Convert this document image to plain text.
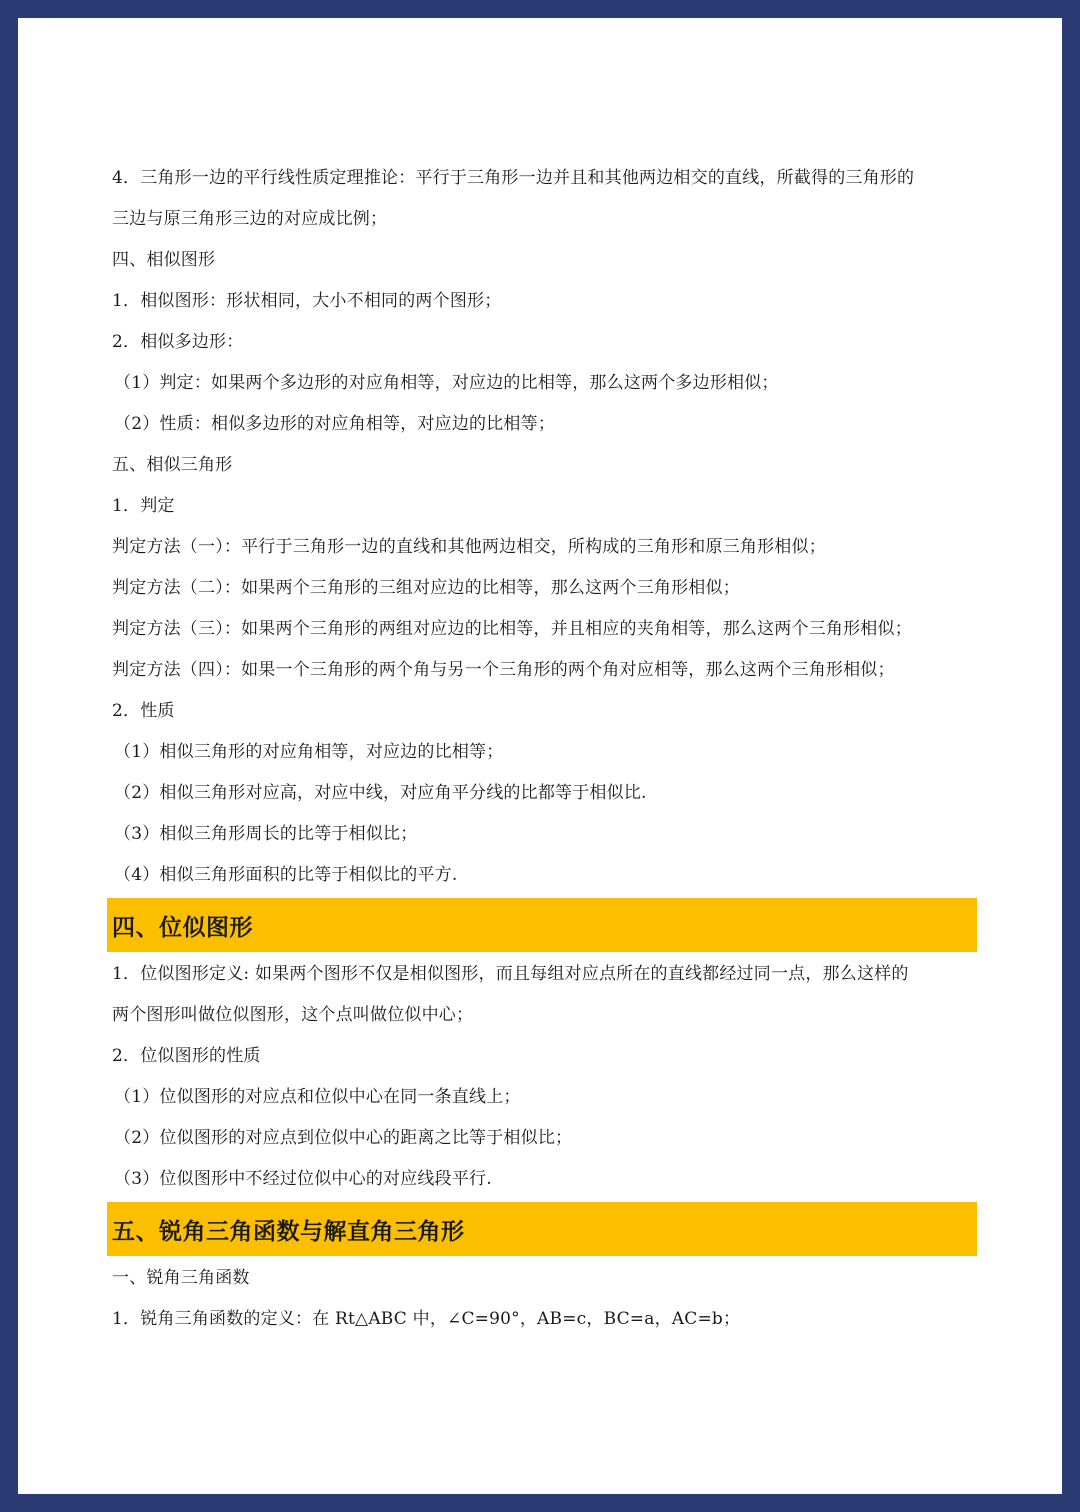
4．三角形一边的平行线性质定理推论：平行于三角形一边并且和其他两边相交的直线，所截得的三角形的
三边与原三角形三边的对应成比例；
四、相似图形
1．相似图形：形状相同，大小不相同的两个图形；
2．相似多边形：
（1）判定：如果两个多边形的对应角相等，对应边的比相等，那么这两个多边形相似；
（2）性质：相似多边形的对应角相等，对应边的比相等；
五、相似三角形
1．判定
判定方法（一）：平行于三角形一边的直线和其他两边相交，所构成的三角形和原三角形相似；
判定方法（二）：如果两个三角形的三组对应边的比相等，那么这两个三角形相似；
判定方法（三）：如果两个三角形的两组对应边的比相等，并且相应的夹角相等，那么这两个三角形相似；
判定方法（四）：如果一个三角形的两个角与另一个三角形的两个角对应相等，那么这两个三角形相似；
2．性质
（1）相似三角形的对应角相等，对应边的比相等；
（2）相似三角形对应高，对应中线，对应角平分线的比都等于相似比.
（3）相似三角形周长的比等于相似比；
（4）相似三角形面积的比等于相似比的平方.
四、位似图形
1．位似图形定义: 如果两个图形不仅是相似图形，而且每组对应点所在的直线都经过同一点，那么这样的
两个图形叫做位似图形，这个点叫做位似中心；
2．位似图形的性质
（1）位似图形的对应点和位似中心在同一条直线上；
（2）位似图形的对应点到位似中心的距离之比等于相似比；
（3）位似图形中不经过位似中心的对应线段平行.
五、锐角三角函数与解直角三角形
一、锐角三角函数
1．锐角三角函数的定义：在 Rt△ABC 中，∠C=90°，AB=c，BC=a，AC=b；
